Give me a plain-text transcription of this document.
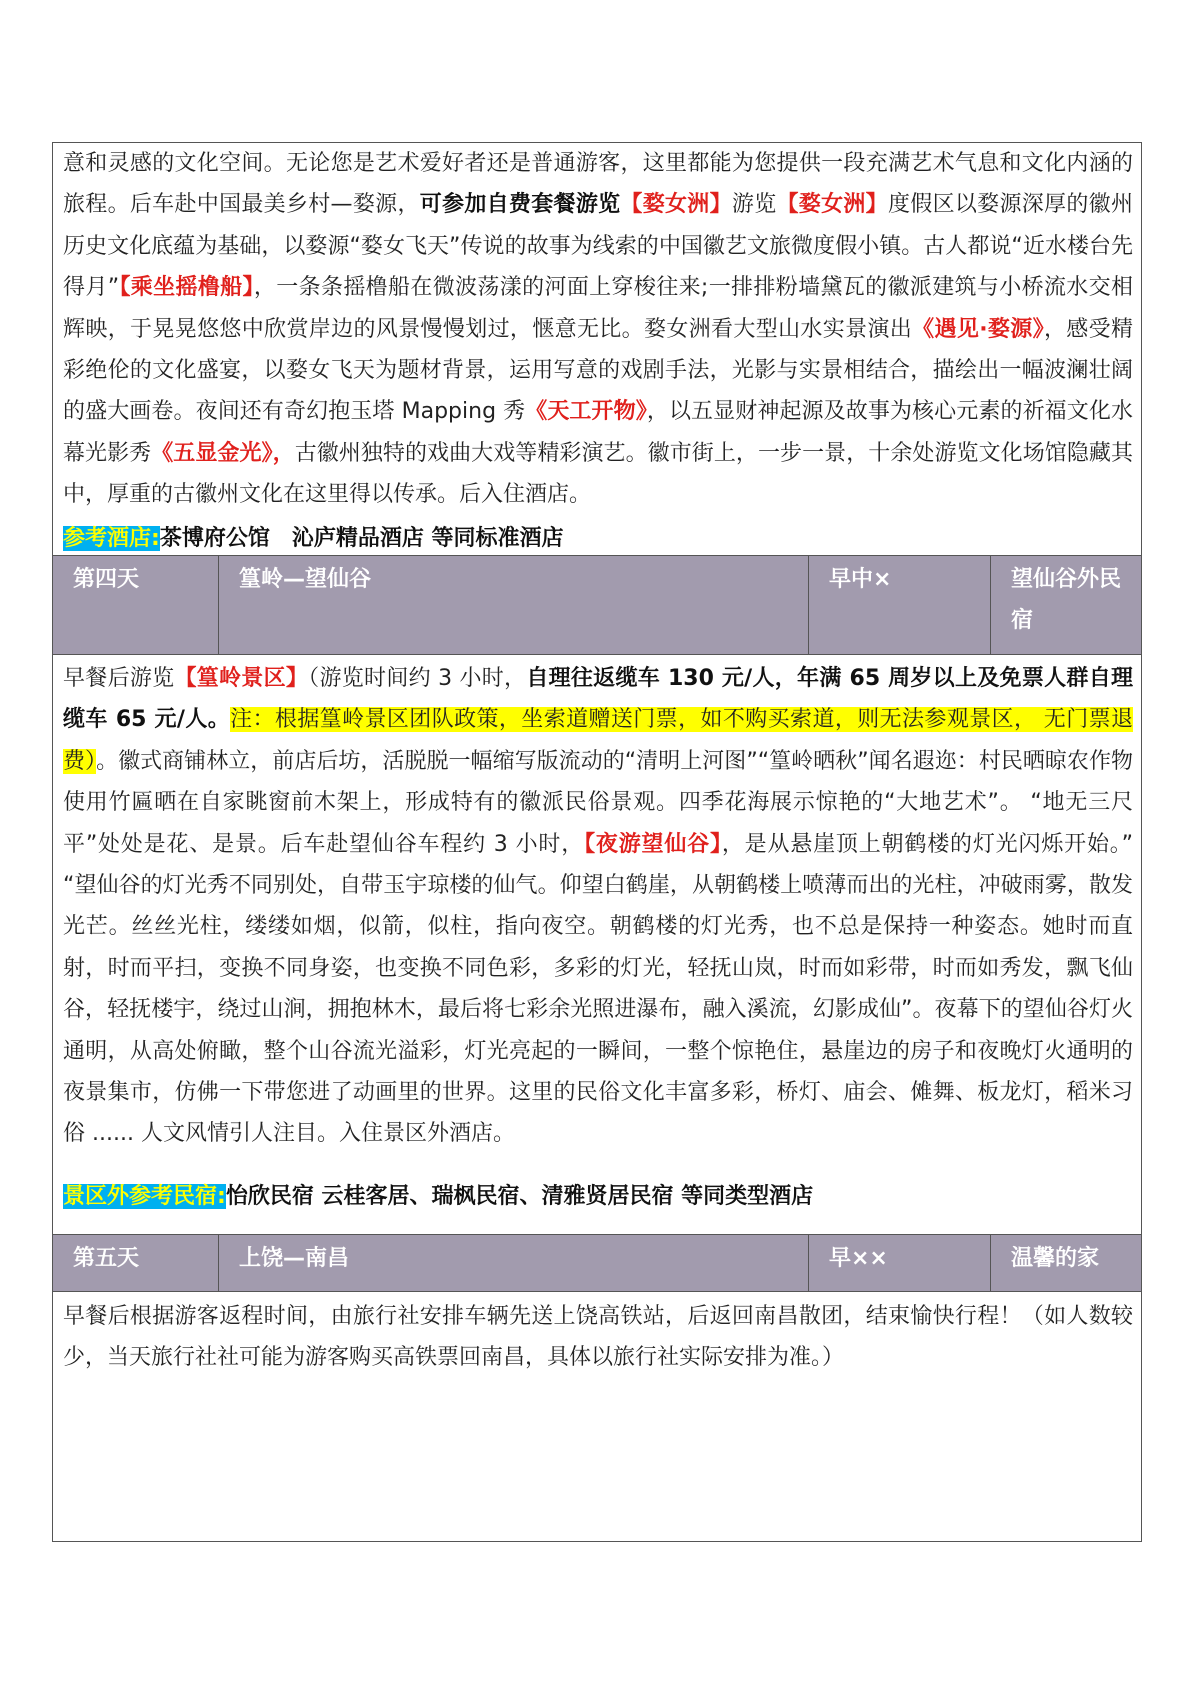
意和灵感的文化空间。无论您是艺术爱好者还是普通游客，这里都能为您提供一段充满艺术气息和文化内涵的旅程。后车赴中国最美乡村—婺源，可参加自费套餐游览【婺女洲】游览【婺女洲】度假区以婺源深厚的徽州历史文化底蕴为基础，以婺源“婺女飞天”传说的故事为线索的中国徽艺文旅微度假小镇。古人都说“近水楼台先得月”【乘坐摇橹船】，一条条摇橹船在微波荡漾的河面上穿梭往来;一排排粉墙黛瓦的徽派建筑与小桥流水交相辉映，于晃晃悠悠中欣赏岸边的风景慢慢划过，惬意无比。婺女洲看大型山水实景演出《遇见·婺源》，感受精彩绝伦的文化盛宴，以婺女飞天为题材背景，运用写意的戏剧手法，光影与实景相结合，描绘出一幅波澜壮阔的盛大画卷。夜间还有奇幻抱玉塔 Mapping 秀《天工开物》，以五显财神起源及故事为核心元素的祈福文化水幕光影秀《五显金光》，古徽州独特的戏曲大戏等精彩演艺。徽市街上，一步一景，十余处游览文化场馆隐藏其中，厚重的古徽州文化在这里得以传承。后入住酒店。
参考酒店:茶博府公馆　沁庐精品酒店 等同标准酒店
第四天	篁岭—望仙谷	早中×	望仙谷外民宿
早餐后游览【篁岭景区】（游览时间约 3 小时，自理往返缆车 130 元/人，年满 65 周岁以上及免票人群自理缆车 65 元/人。注：根据篁岭景区团队政策，坐索道赠送门票，如不购买索道，则无法参观景区， 无门票退费）。徽式商铺林立，前店后坊，活脱脱一幅缩写版流动的“清明上河图”“篁岭晒秋”闻名遐迩：村民晒晾农作物使用竹匾晒在自家眺窗前木架上，形成特有的徽派民俗景观。四季花海展示惊艳的“大地艺术”。 “地无三尺平”处处是花、是景。后车赴望仙谷车程约 3 小时，【夜游望仙谷】，是从悬崖顶上朝鹤楼的灯光闪烁开始。” “望仙谷的灯光秀不同别处，自带玉宇琼楼的仙气。仰望白鹤崖，从朝鹤楼上喷薄而出的光柱，冲破雨雾，散发光芒。丝丝光柱，缕缕如烟，似箭，似柱，指向夜空。朝鹤楼的灯光秀，也不总是保持一种姿态。她时而直射，时而平扫，变换不同身姿，也变换不同色彩，多彩的灯光，轻抚山岚，时而如彩带，时而如秀发，飘飞仙谷，轻抚楼宇，绕过山涧，拥抱林木，最后将七彩余光照进瀑布，融入溪流，幻影成仙”。夜幕下的望仙谷灯火通明，从高处俯瞰，整个山谷流光溢彩，灯光亮起的一瞬间，一整个惊艳住，悬崖边的房子和夜晚灯火通明的夜景集市，仿佛一下带您进了动画里的世界。这里的民俗文化丰富多彩，桥灯、庙会、傩舞、板龙灯，稻米习俗 ...... 人文风情引人注目。入住景区外酒店。
景区外参考民宿:怡欣民宿 云桂客居、瑞枫民宿、清雅贤居民宿 等同类型酒店
第五天	上饶—南昌	早××	温馨的家
早餐后根据游客返程时间，由旅行社安排车辆先送上饶高铁站，后返回南昌散团，结束愉快行程！（如人数较少，当天旅行社社可能为游客购买高铁票回南昌，具体以旅行社实际安排为准。）
